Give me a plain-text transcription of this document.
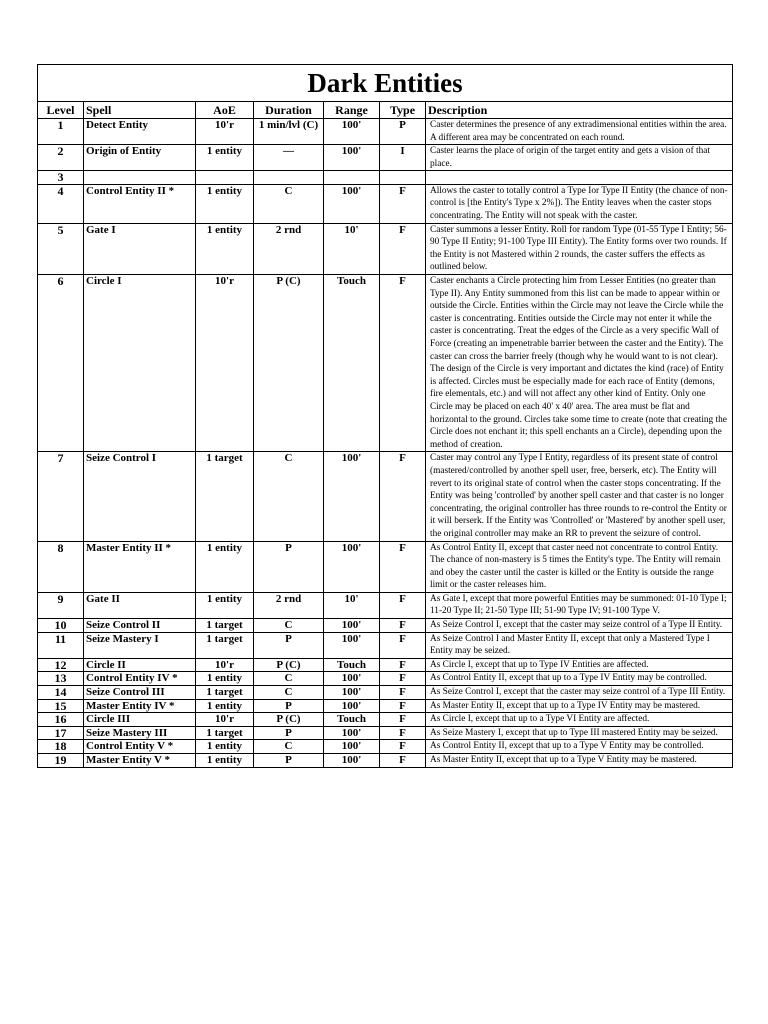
Dark Entities						
Level	Spell	AoE	Duration	Range	Type	Description
1	Detect Entity	10'r	1 min/lvl (C)	100'	P	Caster determines the presence of any extradimensional entities within the area. A different area may be concentrated on each round.
2	Origin of Entity	1 entity	—	100'	I	Caster learns the place of origin of the target entity and gets a vision of that place.
3						
4	Control Entity II *	1 entity	C	100'	F	Allows the caster to totally control a Type Ior Type II Entity (the chance of non-control is [the Entity's Type x 2%]). The Entity leaves when the caster stops concentrating. The Entity will not speak with the caster.
5	Gate I	1 entity	2 rnd	10'	F	Caster summons a lesser Entity. Roll for random Type (01-55 Type I Entity; 56-90 Type II Entity; 91-100 Type III Entity). The Entity forms over two rounds. If the Entity is not Mastered within 2 rounds, the caster suffers the effects as outlined below.
6	Circle I	10'r	P (C)	Touch	F	Caster enchants a Circle protecting him from Lesser Entities (no greater than Type II). Any Entity summoned from this list can be made to appear within or outside the Circle. Entities within the Circle may not leave the Circle while the caster is concentrating. Entities outside the Circle may not enter it while the caster is concentrating. Treat the edges of the Circle as a very specific Wall of Force (creating an impenetrable barrier between the caster and the Entity). The caster can cross the barrier freely (though why he would want to is not clear). The design of the Circle is very important and dictates the kind (race) of Entity is affected. Circles must be especially made for each race of Entity (demons, fire elementals, etc.) and will not affect any other kind of Entity. Only one Circle may be placed on each 40' x 40' area. The area must be flat and horizontal to the ground. Circles take some time to create (note that creating the Circle does not enchant it; this spell enchants an a Circle), depending upon the method of creation.
7	Seize Control I	1 target	C	100'	F	Caster may control any Type I Entity, regardless of its present state of control (mastered/controlled by another spell user, free, berserk, etc). The Entity will revert to its original state of control when the caster stops concentrating. If the Entity was being 'controlled' by another spell caster and that caster is no longer concentrating, the original controller has three rounds to re-control the Entity or it will berserk. If the Entity was 'Controlled' or 'Mastered' by another spell user, the original controller may make an RR to prevent the seizure of control.
8	Master Entity II *	1 entity	P	100'	F	As Control Entity II, except that caster need not concentrate to control Entity. The chance of non-mastery is 5 times the Entity's type. The Entity will remain and obey the caster until the caster is killed or the Entity is outside the range limit or the caster releases him.
9	Gate II	1 entity	2 rnd	10'	F	As Gate I, except that more powerful Entities may be summoned: 01-10 Type I; 11-20 Type II; 21-50 Type III; 51-90 Type IV; 91-100 Type V.
10	Seize Control II	1 target	C	100'	F	As Seize Control I, except that the caster may seize control of a Type II Entity.
11	Seize Mastery I	1 target	P	100'	F	As Seize Control I and Master Entity II, except that only a Mastered Type I Entity may be seized.
12	Circle II	10'r	P (C)	Touch	F	As Circle I, except that up to Type IV Entities are affected.
13	Control Entity IV *	1 entity	C	100'	F	As Control Entity II, except that up to a Type IV Entity may be controlled.
14	Seize Control III	1 target	C	100'	F	As Seize Control I, except that the caster may seize control of a Type III Entity.
15	Master Entity IV *	1 entity	P	100'	F	As Master Entity II, except that up to a Type IV Entity may be mastered.
16	Circle III	10'r	P (C)	Touch	F	As Circle I, except that up to a Type VI Entity are affected.
17	Seize Mastery III	1 target	P	100'	F	As Seize Mastery I, except that up to Type III mastered Entity may be seized.
18	Control Entity V *	1 entity	C	100'	F	As Control Entity II, except that up to a Type V Entity may be controlled.
19	Master Entity V *	1 entity	P	100'	F	As Master Entity II, except that up to a Type V Entity may be mastered.
